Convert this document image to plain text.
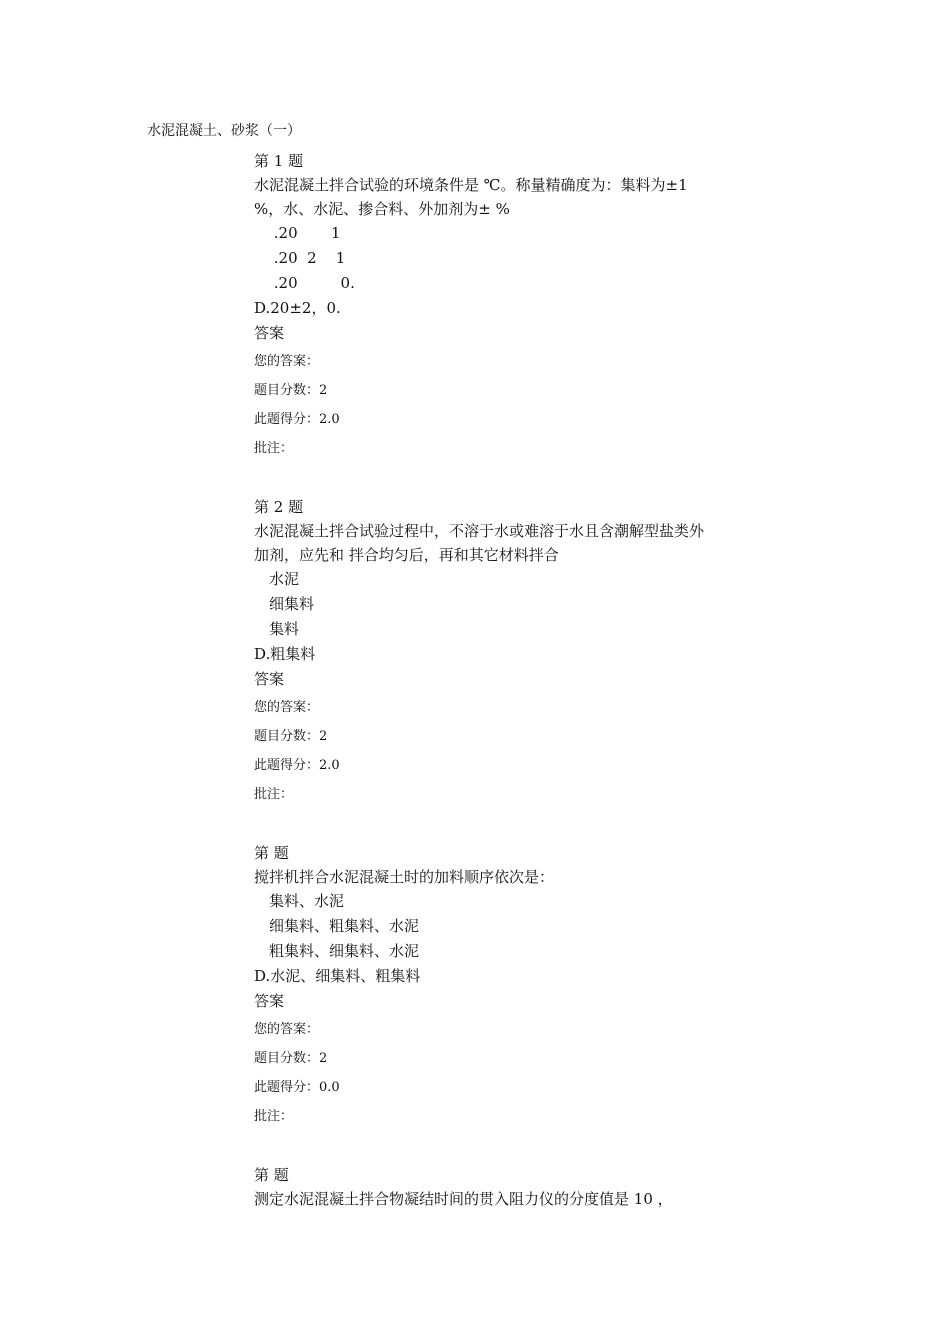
水泥混凝土、砂浆（一）
第 1 题
水泥混凝土拌合试验的环境条件是 ℃。称量精确度为：集料为±1 %，水、水泥、掺合料、外加剂为± %
.20       1
.20  2    1
.20         0.
D.20±2，0.
答案
您的答案：
题目分数：2
此题得分：2.0
批注：
第 2 题
水泥混凝土拌合试验过程中，不溶于水或难溶于水且含潮解型盐类外加剂，应先和 拌合均匀后，再和其它材料拌合
水泥
细集料
集料
D.粗集料
答案
您的答案：
题目分数：2
此题得分：2.0
批注：
第 题
搅拌机拌合水泥混凝土时的加料顺序依次是：
集料、水泥
细集料、粗集料、水泥
粗集料、细集料、水泥
D.水泥、细集料、粗集料
答案
您的答案：
题目分数：2
此题得分：0.0
批注：
第 题
测定水泥混凝土拌合物凝结时间的贯入阻力仪的分度值是 10 ，
